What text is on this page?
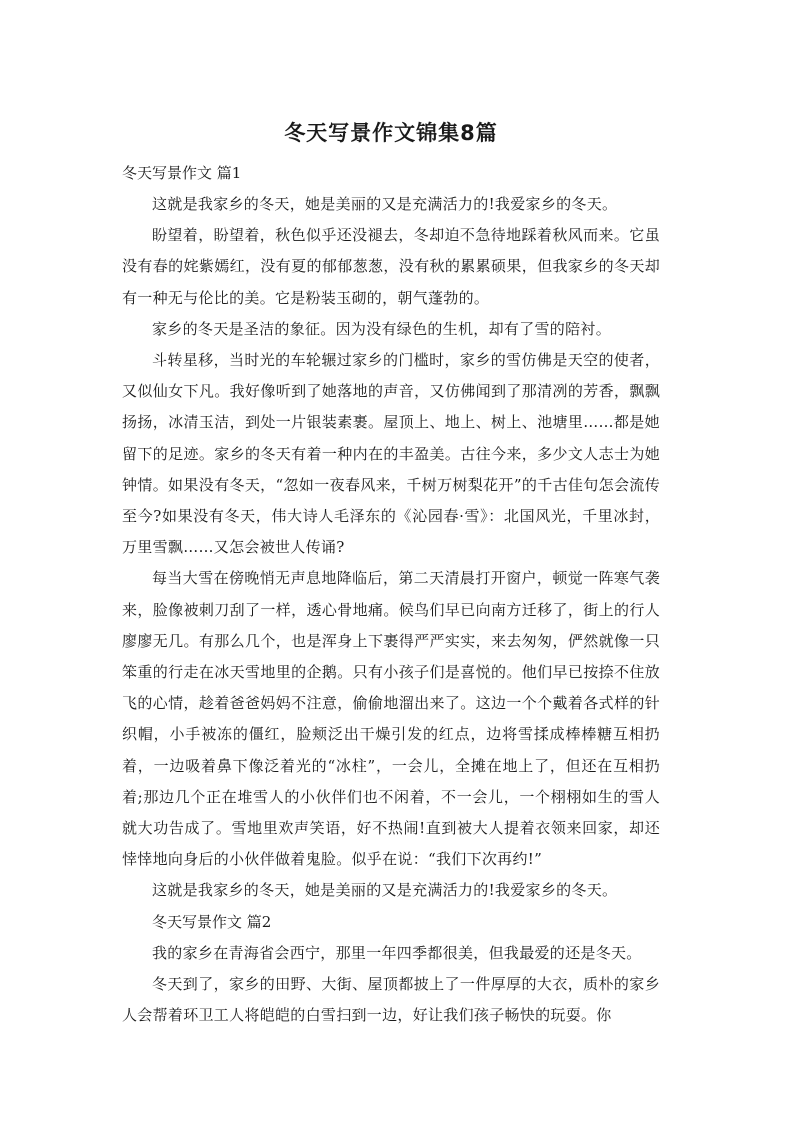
冬天写景作文锦集8篇

冬天写景作文 篇1

这就是我家乡的冬天，她是美丽的又是充满活力的!我爱家乡的冬天。

盼望着，盼望着，秋色似乎还没褪去，冬却迫不急待地踩着秋风而来。它虽没有春的姹紫嫣红，没有夏的郁郁葱葱，没有秋的累累硕果，但我家乡的冬天却有一种无与伦比的美。它是粉装玉砌的，朝气蓬勃的。

家乡的冬天是圣洁的象征。因为没有绿色的生机，却有了雪的陪衬。

斗转星移，当时光的车轮辗过家乡的门槛时，家乡的雪仿佛是天空的使者，又似仙女下凡。我好像听到了她落地的声音，又仿佛闻到了那清冽的芳香，飘飘扬扬，冰清玉洁，到处一片银装素裹。屋顶上、地上、树上、池塘里……都是她留下的足迹。家乡的冬天有着一种内在的丰盈美。古往今来，多少文人志士为她钟情。如果没有冬天，“忽如一夜春风来，千树万树梨花开”的千古佳句怎会流传至今?如果没有冬天，伟大诗人毛泽东的《沁园春·雪》：北国风光，千里冰封，万里雪飘……又怎会被世人传诵?

每当大雪在傍晚悄无声息地降临后，第二天清晨打开窗户，顿觉一阵寒气袭来，脸像被刺刀刮了一样，透心骨地痛。候鸟们早已向南方迁移了，街上的行人廖廖无几。有那么几个，也是浑身上下裹得严严实实，来去匆匆，俨然就像一只笨重的行走在冰天雪地里的企鹅。只有小孩子们是喜悦的。他们早已按捺不住放飞的心情，趁着爸爸妈妈不注意，偷偷地溜出来了。这边一个个戴着各式样的针织帽，小手被冻的僵红，脸颊泛出干燥引发的红点，边将雪揉成棒棒糖互相扔着，一边吸着鼻下像泛着光的“冰柱”，一会儿，全摊在地上了，但还在互相扔着;那边几个正在堆雪人的小伙伴们也不闲着，不一会儿，一个栩栩如生的雪人就大功告成了。雪地里欢声笑语，好不热闹!直到被大人提着衣领来回家，却还悻悻地向身后的小伙伴做着鬼脸。似乎在说：“我们下次再约!”

这就是我家乡的冬天，她是美丽的又是充满活力的!我爱家乡的冬天。

冬天写景作文 篇2

我的家乡在青海省会西宁，那里一年四季都很美，但我最爱的还是冬天。

冬天到了，家乡的田野、大街、屋顶都披上了一件厚厚的大衣，质朴的家乡人会帮着环卫工人将皑皑的白雪扫到一边，好让我们孩子畅快的玩耍。你
